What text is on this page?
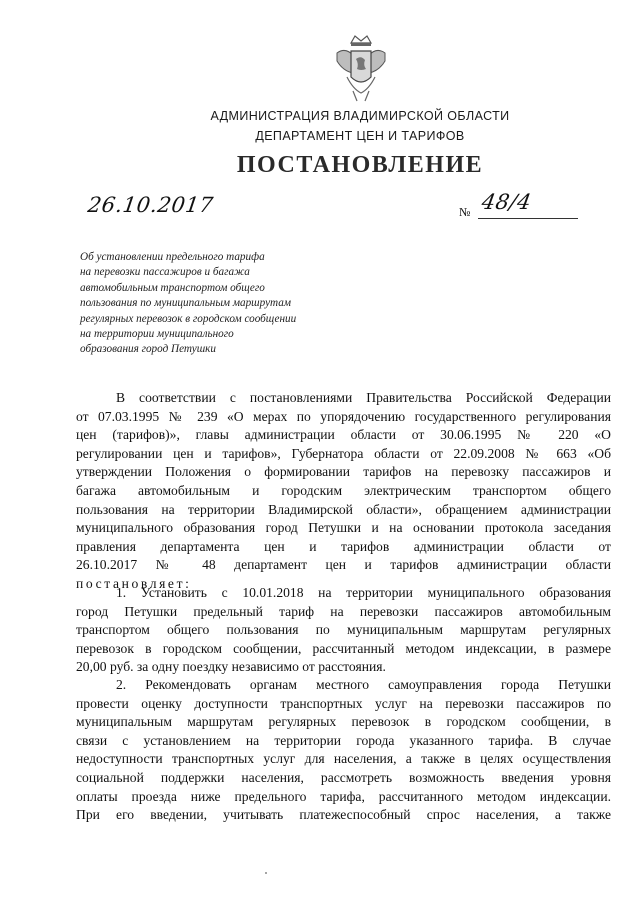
АДМИНИСТРАЦИЯ ВЛАДИМИРСКОЙ ОБЛАСТИ
ДЕПАРТАМЕНТ ЦЕН И ТАРИФОВ
ПОСТАНОВЛЕНИЕ
26.10.2017	№ 48/4
Об установлении предельного тарифа
на перевозки пассажиров и багажа
автомобильным транспортом общего
пользования по муниципальным маршрутам
регулярных перевозок в городском сообщении
на территории муниципального
образования город Петушки
В соответствии с постановлениями Правительства Российской Федерации
от 07.03.1995 № 239 «О мерах по упорядочению государственного регулирования
цен (тарифов)», главы администрации области от 30.06.1995 № 220 «О
регулировании цен и тарифов», Губернатора области от 22.09.2008 № 663 «Об
утверждении Положения о формировании тарифов на перевозку пассажиров и
багажа автомобильным и городским электрическим транспортом общего
пользования на территории Владимирской области», обращением администрации
муниципального образования город Петушки и на основании протокола заседания
правления департамента цен и тарифов администрации области от
26.10.2017 № 48 департамент цен и тарифов администрации области
постановляет:
1. Установить с 10.01.2018 на территории муниципального образования
город Петушки предельный тариф на перевозки пассажиров автомобильным
транспортом общего пользования по муниципальным маршрутам регулярных
перевозок в городском сообщении, рассчитанный методом индексации, в размере
20,00 руб. за одну поездку независимо от расстояния.
2. Рекомендовать органам местного самоуправления города Петушки
провести оценку доступности транспортных услуг на перевозки пассажиров по
муниципальным маршрутам регулярных перевозок в городском сообщении, в
связи с установлением на территории города указанного тарифа. В случае
недоступности транспортных услуг для населения, а также в целях осуществления
социальной поддержки населения, рассмотреть возможность введения уровня
оплаты проезда ниже предельного тарифа, рассчитанного методом индексации.
При его введении, учитывать платежеспособный спрос населения, а также
